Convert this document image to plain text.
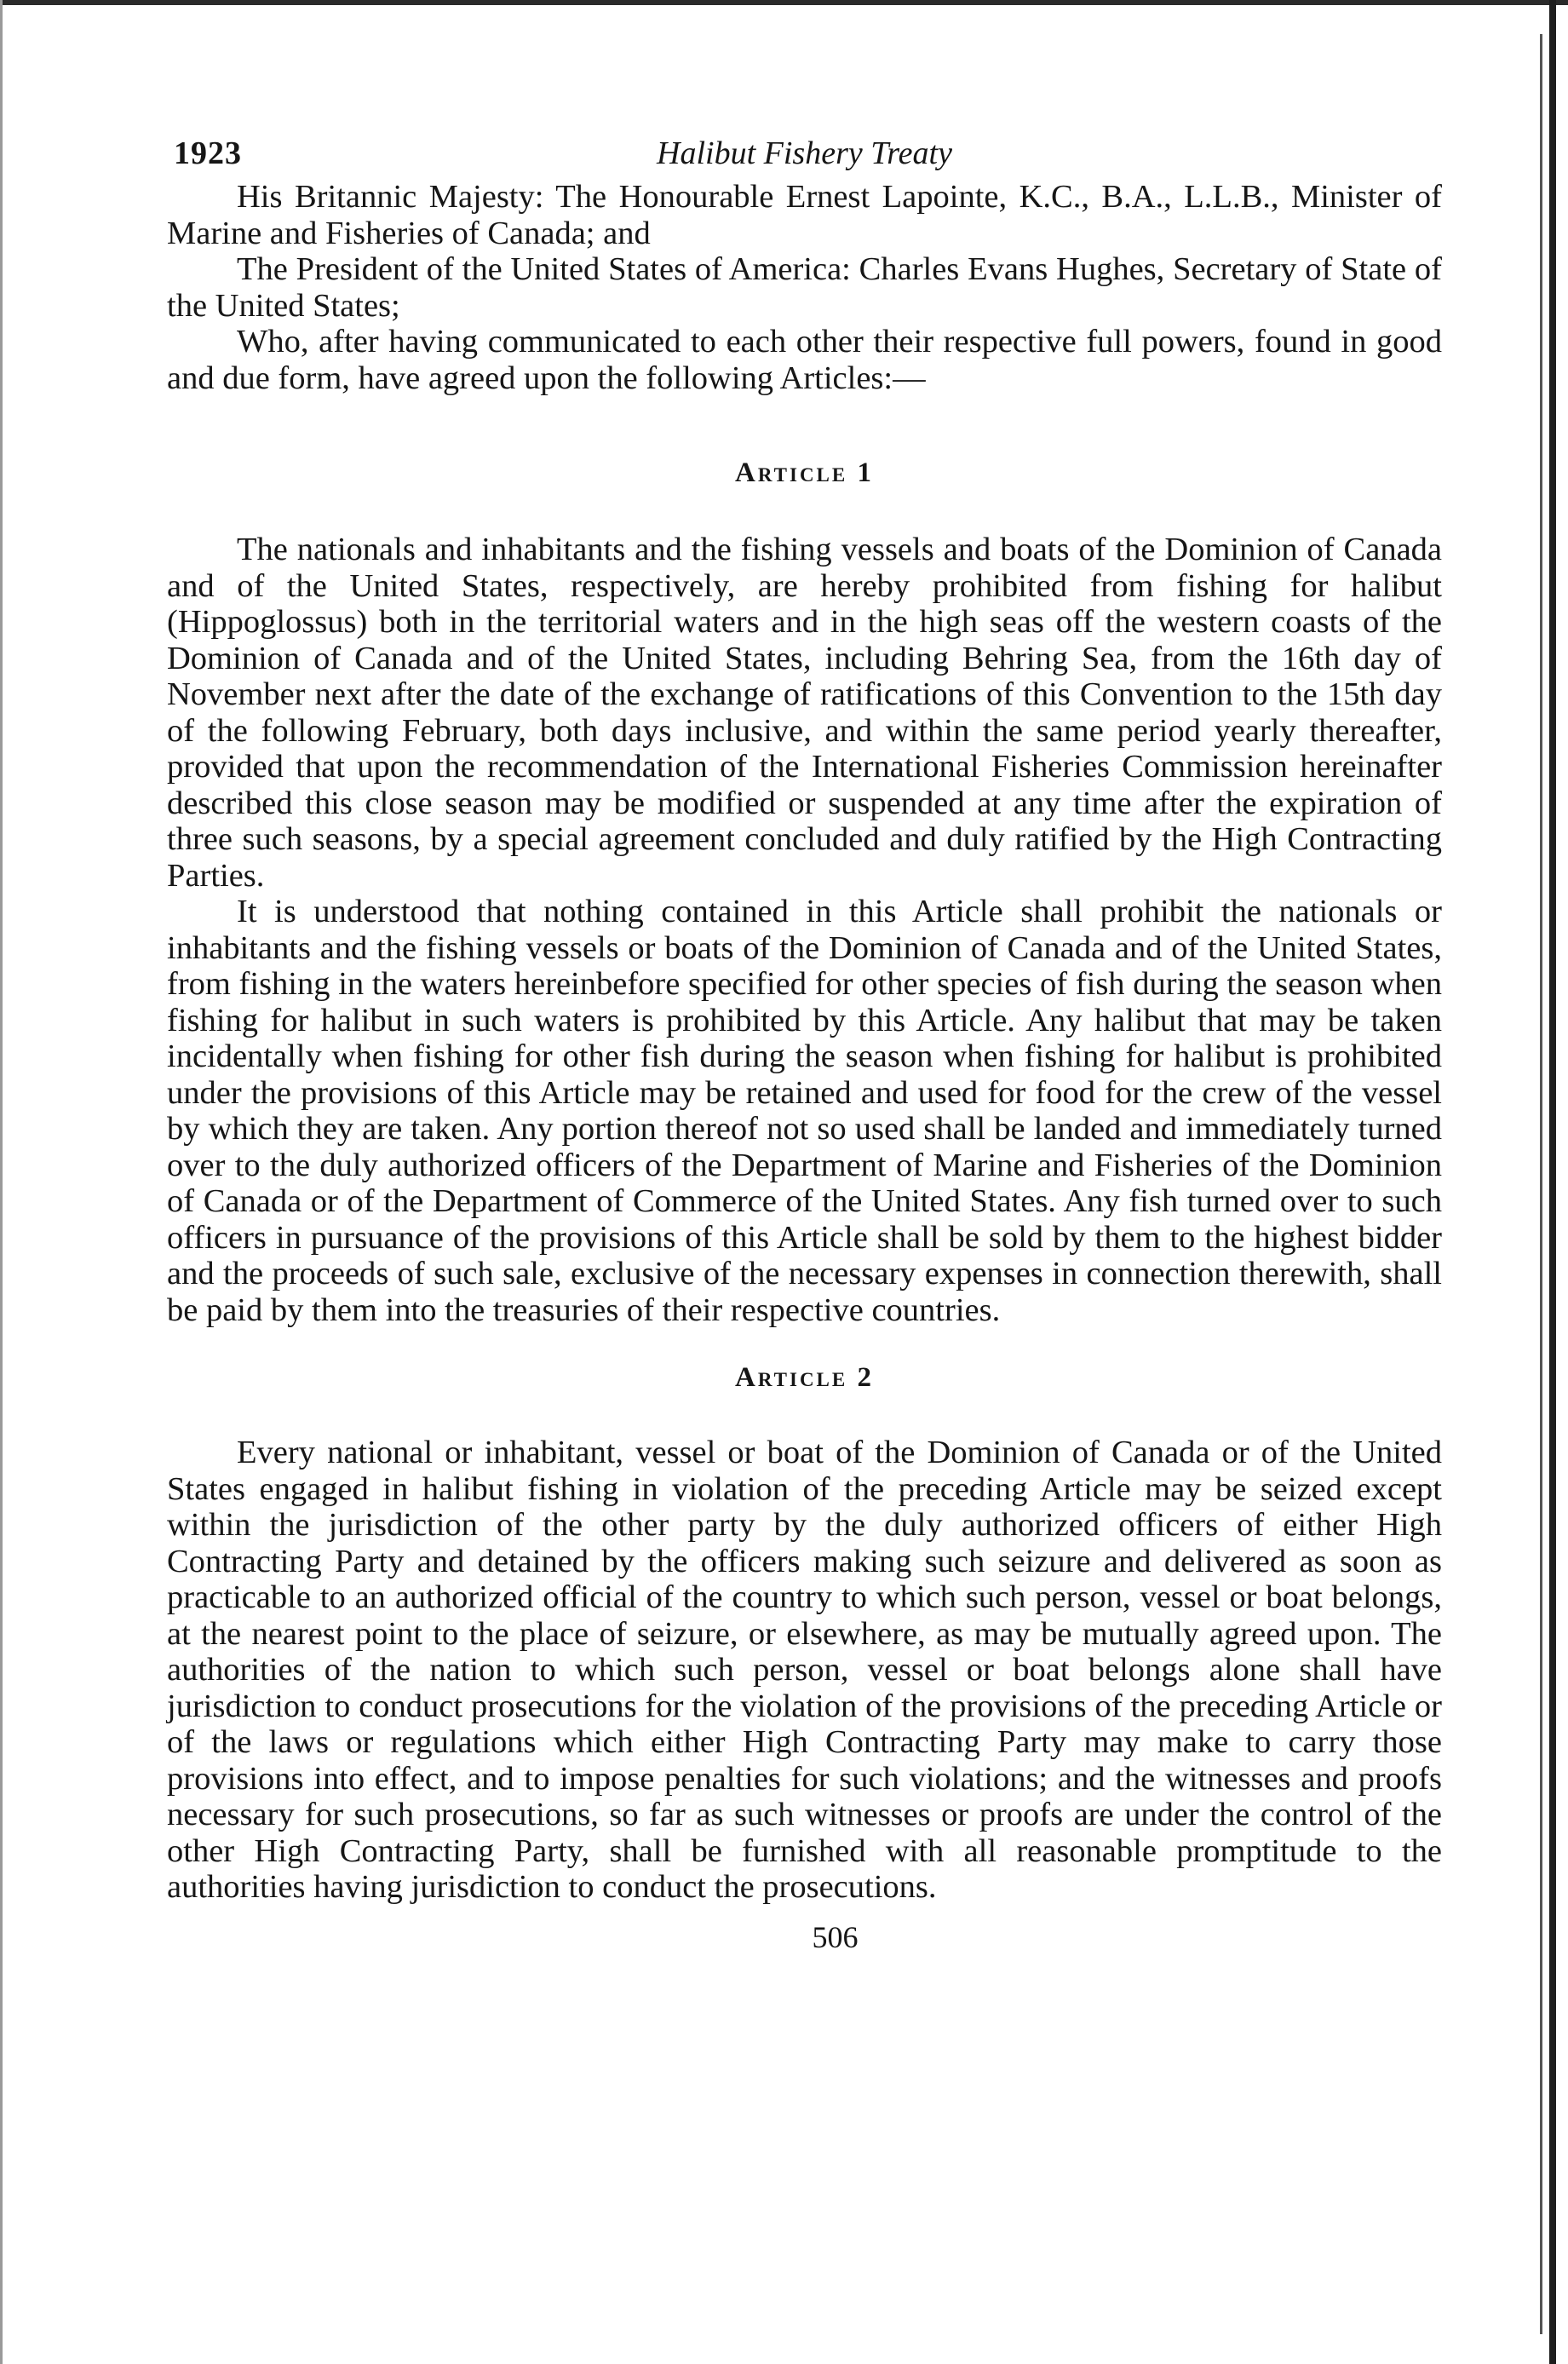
1923	Halibut Fishery Treaty

His Britannic Majesty: The Honourable Ernest Lapointe, K.C., B.A., L.L.B., Minister of Marine and Fisheries of Canada; and

The President of the United States of America: Charles Evans Hughes, Secretary of State of the United States;

Who, after having communicated to each other their respective full powers, found in good and due form, have agreed upon the following Articles:—

Article 1

The nationals and inhabitants and the fishing vessels and boats of the Dominion of Canada and of the United States, respectively, are hereby prohibited from fishing for halibut (Hippoglossus) both in the territorial waters and in the high seas off the western coasts of the Dominion of Canada and of the United States, including Behring Sea, from the 16th day of November next after the date of the exchange of ratifications of this Convention to the 15th day of the following February, both days inclusive, and within the same period yearly thereafter, provided that upon the recommendation of the International Fisheries Commission hereinafter described this close season may be modified or suspended at any time after the expiration of three such seasons, by a special agreement concluded and duly ratified by the High Contracting Parties.

It is understood that nothing contained in this Article shall prohibit the nationals or inhabitants and the fishing vessels or boats of the Dominion of Canada and of the United States, from fishing in the waters hereinbefore specified for other species of fish during the season when fishing for halibut in such waters is prohibited by this Article. Any halibut that may be taken incidentally when fishing for other fish during the season when fishing for halibut is prohibited under the provisions of this Article may be retained and used for food for the crew of the vessel by which they are taken. Any portion thereof not so used shall be landed and immediately turned over to the duly authorized officers of the Department of Marine and Fisheries of the Dominion of Canada or of the Department of Commerce of the United States. Any fish turned over to such officers in pursuance of the provisions of this Article shall be sold by them to the highest bidder and the proceeds of such sale, exclusive of the necessary expenses in connection therewith, shall be paid by them into the treasuries of their respective countries.

Article 2

Every national or inhabitant, vessel or boat of the Dominion of Canada or of the United States engaged in halibut fishing in violation of the preceding Article may be seized except within the jurisdiction of the other party by the duly authorized officers of either High Contracting Party and detained by the officers making such seizure and delivered as soon as practicable to an authorized official of the country to which such person, vessel or boat belongs, at the nearest point to the place of seizure, or elsewhere, as may be mutually agreed upon. The authorities of the nation to which such person, vessel or boat belongs alone shall have jurisdiction to conduct prosecutions for the violation of the provisions of the preceding Article or of the laws or regulations which either High Contracting Party may make to carry those provisions into effect, and to impose penalties for such violations; and the witnesses and proofs necessary for such prosecutions, so far as such witnesses or proofs are under the control of the other High Contracting Party, shall be furnished with all reasonable promptitude to the authorities having jurisdiction to conduct the prosecutions.

506
